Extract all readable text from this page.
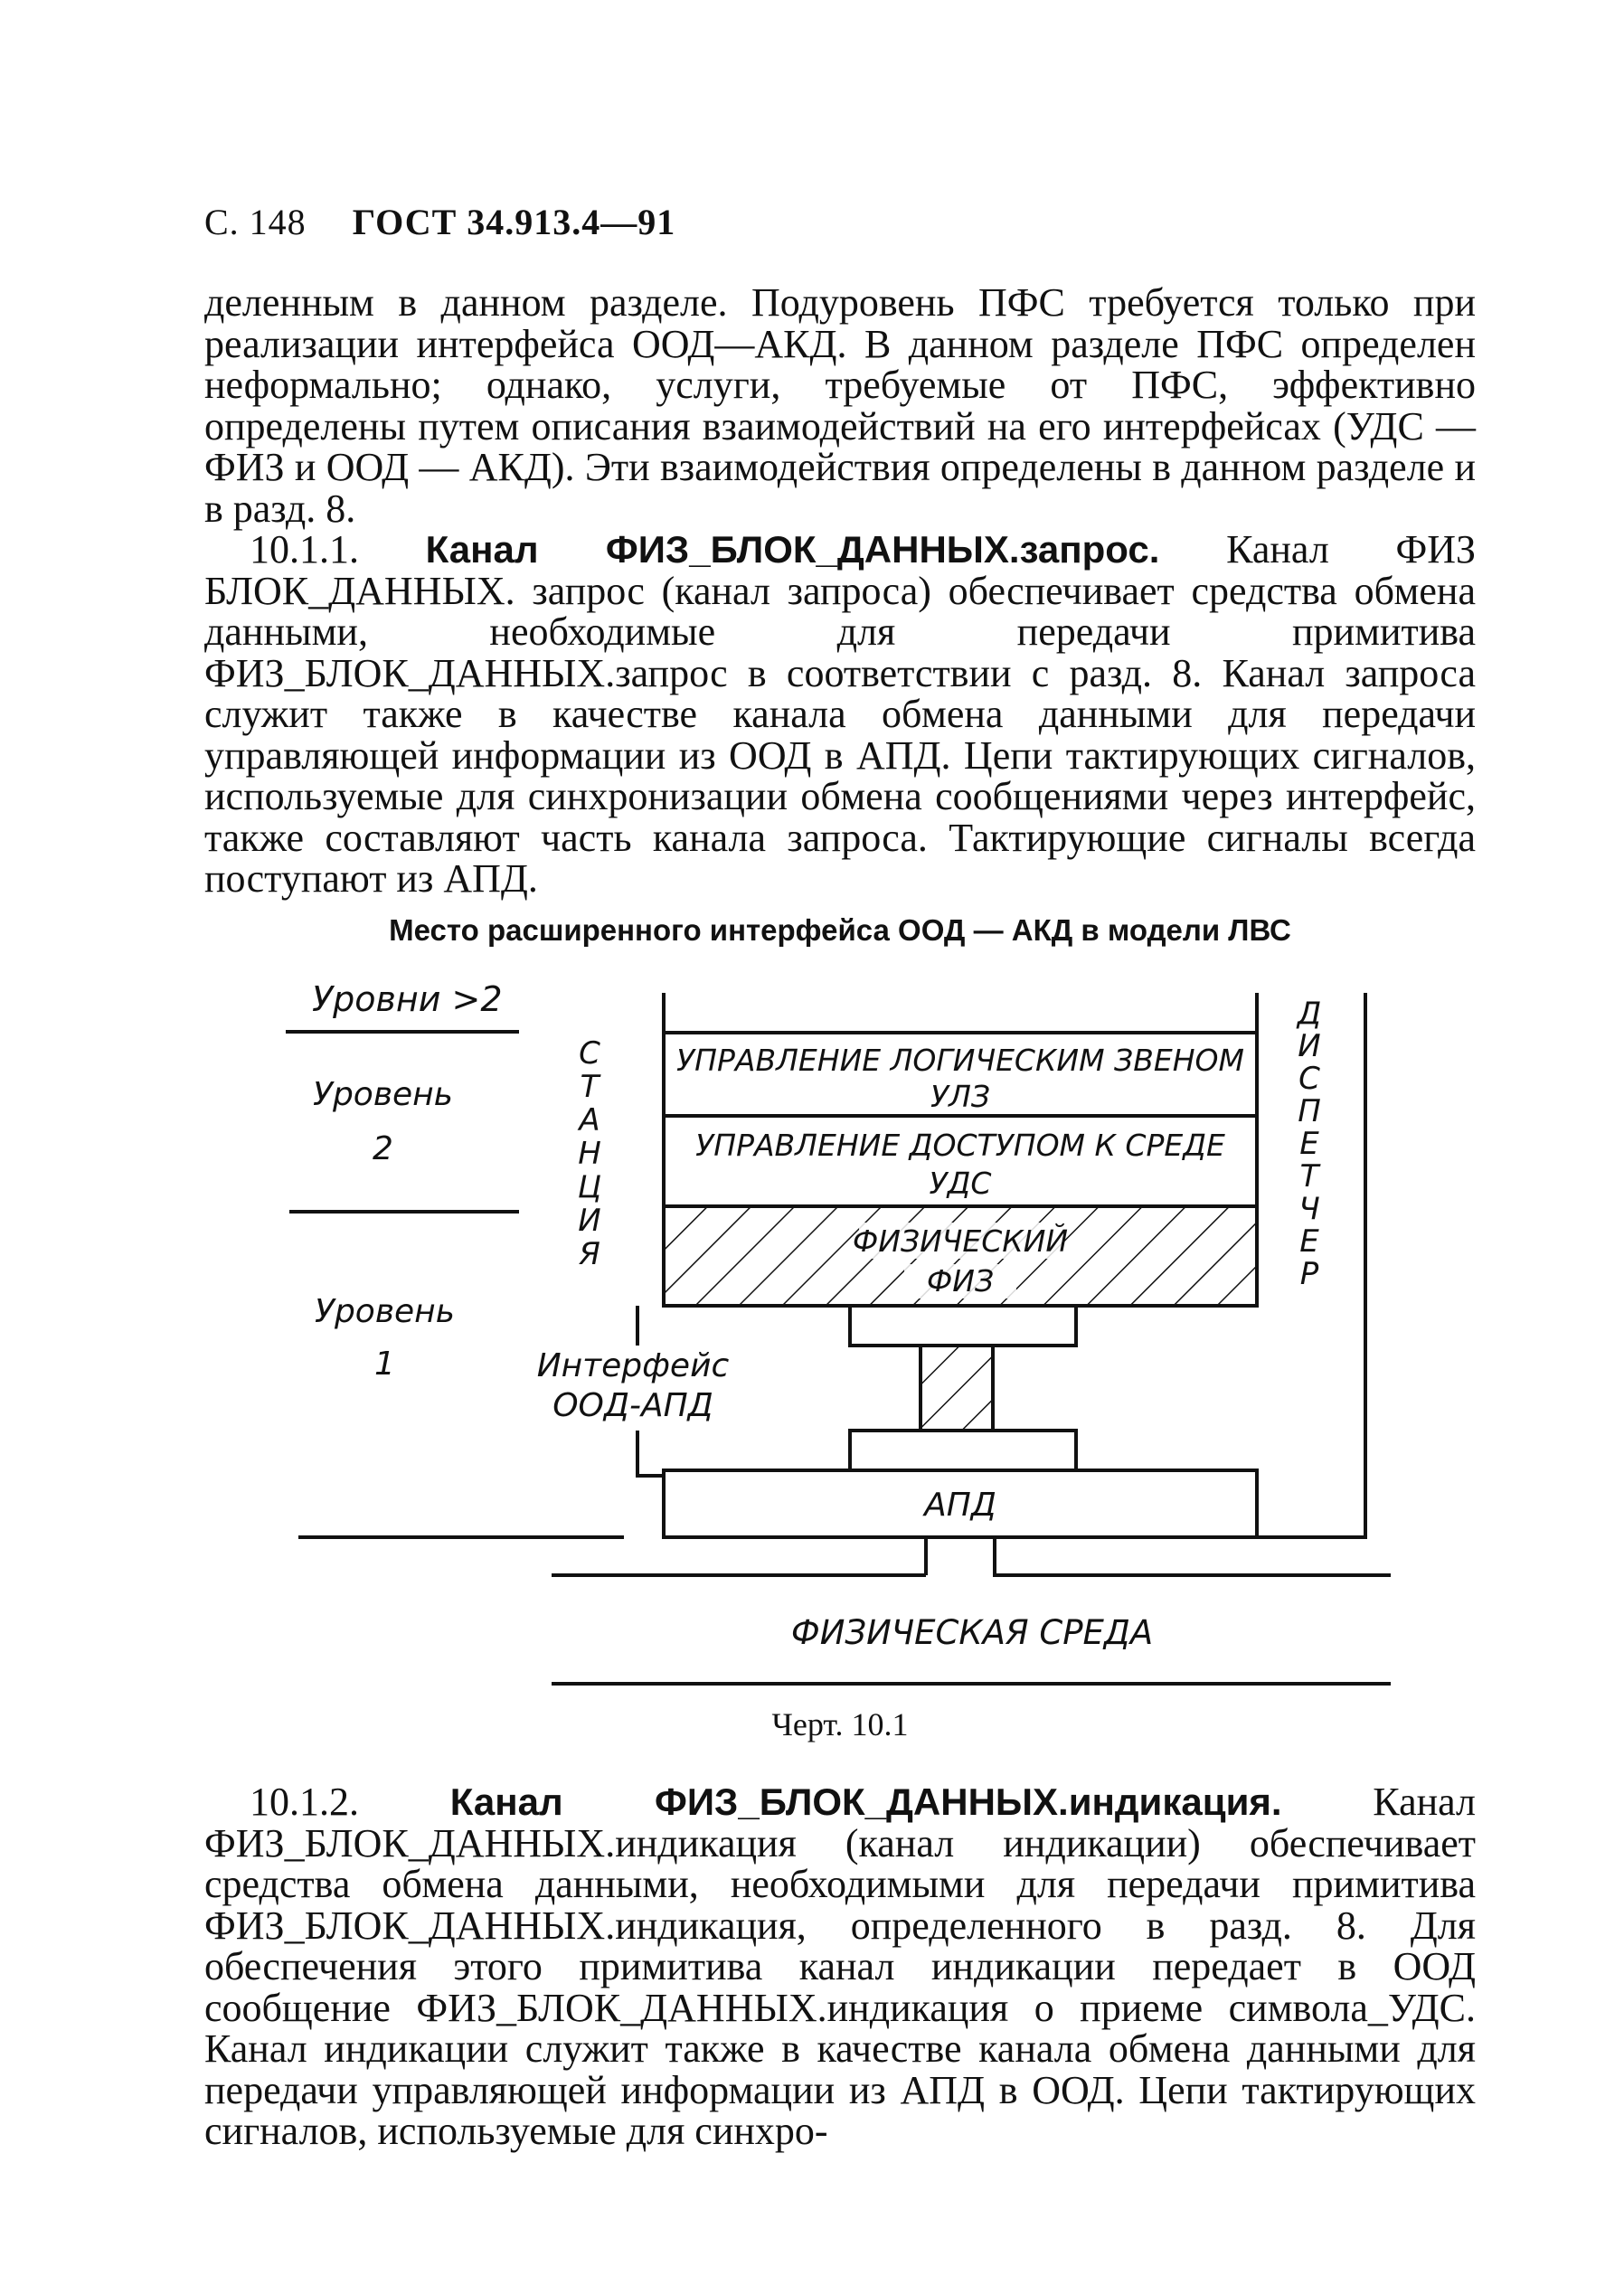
С. 148 ГОСТ 34.913.4—91

деленным в данном разделе. Подуровень ПФС требуется только при реализации интерфейса ООД—АКД. В данном разделе ПФС определен неформально; однако, услуги, требуемые от ПФС, эффективно определены путем описания взаимодействий на его интерфейсах (УДС — ФИЗ и ООД — АКД). Эти взаимодействия определены в данном разделе и в разд. 8.

10.1.1. Канал ФИЗ_БЛОК_ДАННЫХ.запрос. Канал ФИЗ БЛОК_ДАННЫХ. запрос (канал запроса) обеспечивает средства обмена данными, необходимые для передачи примитива ФИЗ_БЛОК_ДАННЫХ.запрос в соответствии с разд. 8. Канал запроса служит также в качестве канала обмена данными для передачи управляющей информации из ООД в АПД. Цепи тактирующих сигналов, используемые для синхронизации обмена сообщениями через интерфейс, также составляют часть канала запроса. Тактирующие сигналы всегда поступают из АПД.

Место расширенного интерфейса ООД — АКД в модели ЛВС
Уровни >2
Уровень
2
Уровень
1
С
Т
А
Н
Ц
И
Я
Д
И
С
П
Е
Т
Ч
Е
Р
УПРАВЛЕНИЕ ЛОГИЧЕСКИМ ЗВЕНОМ
УЛЗ
УПРАВЛЕНИЕ ДОСТУПОМ К СРЕДЕ
УДС
ФИЗИЧЕСКИЙ
ФИЗ
АПД
Интерфейс
ООД-АПД
ФИЗИЧЕСКАЯ СРЕДА
Черт. 10.1

10.1.2. Канал ФИЗ_БЛОК_ДАННЫХ.индикация. Канал ФИЗ_БЛОК_ДАННЫХ.индикация (канал индикации) обеспечивает средства обмена данными, необходимыми для передачи примитива ФИЗ_БЛОК_ДАННЫХ.индикация, определенного в разд. 8. Для обеспечения этого примитива канал индикации передает в ООД сообщение ФИЗ_БЛОК_ДАННЫХ.индикация о приеме символа_УДС. Канал индикации служит также в качестве канала обмена данными для передачи управляющей информации из АПД в ООД. Цепи тактирующих сигналов, используемые для синхро-
